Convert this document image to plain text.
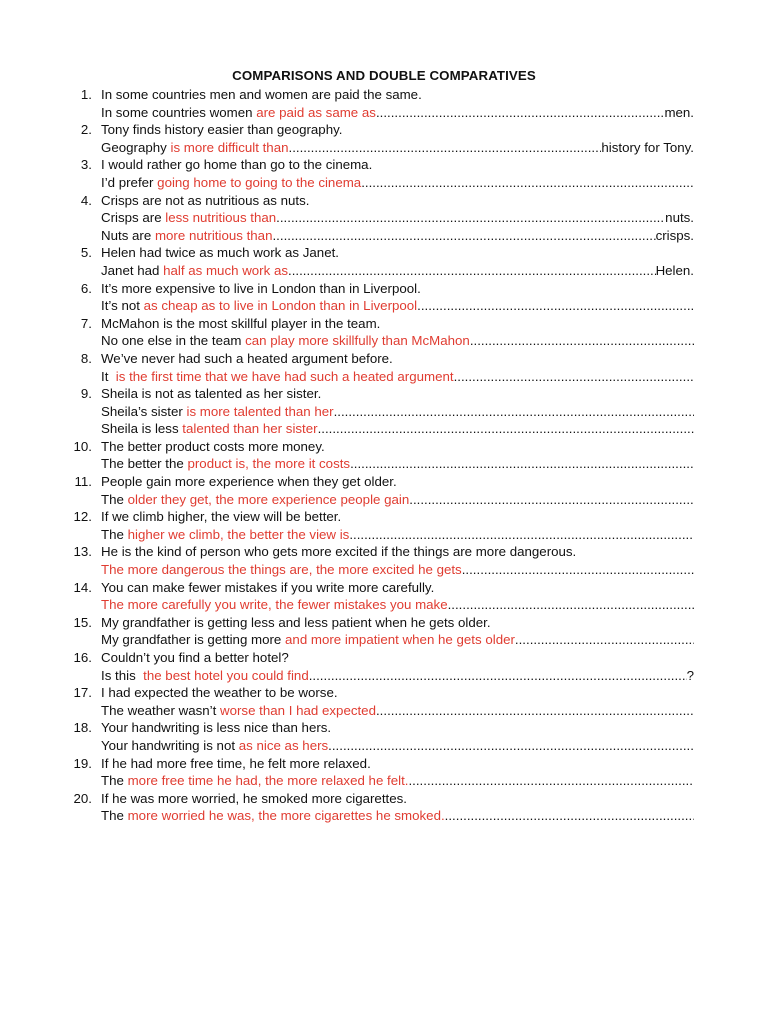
COMPARISONS AND DOUBLE COMPARATIVES
1. In some countries men and women are paid the same.
In some countries women are paid as same as .....	men.
2. Tony finds history easier than geography.
Geography is more difficult than .....	history for Tony.
3. I would rather go home than go to the cinema.
I’d prefer going home to going to the cinema
.....
4. Crisps are not as nutritious as nuts.
Crisps are less nutritious than .....	nuts.
Nuts are more nutritious than .....	crisps.
5. Helen had twice as much work as Janet.
Janet had half as much work as .....	Helen.
6. It’s more expensive to live in London than in Liverpool.
It’s not as cheap as to live in London than in Liverpool
.....
7. McMahon is the most skillful player in the team.
No one else in the team can play more skillfully than McMahon
.....
8. We’ve never had such a heated argument before.
It is the first time that we have had such a heated argument
.....
9. Sheila is not as talented as her sister.
Sheila’s sister is more talented than her
.....
Sheila is less talented than her sister
.....
10. The better product costs more money.
The better the product is, the more it costs
.....
11. People gain more experience when they get older.
The older they get, the more experience people gain
.....
12. If we climb higher, the view will be better.
The higher we climb, the better the view is
.....
13. He is the kind of person who gets more excited if the things are more dangerous.
The more dangerous the things are, the more excited he gets
.....
14. You can make fewer mistakes if you write more carefully.
The more carefully you write, the fewer mistakes you make
.....
15. My grandfather is getting less and less patient when he gets older.
My grandfather is getting more and more impatient when he gets older
.....
16. Couldn’t you find a better hotel?
Is this the best hotel you could find .....	?
17. I had expected the weather to be worse.
The weather wasn’t worse than I had expected
.....
18. Your handwriting is less nice than hers.
Your handwriting is not as nice as hers
.....
19. If he had more free time, he felt more relaxed.
The more free time he had, the more relaxed he felt.
.....
20. If he was more worried, he smoked more cigarettes.
The more worried he was, the more cigarettes he smoked.
.....
